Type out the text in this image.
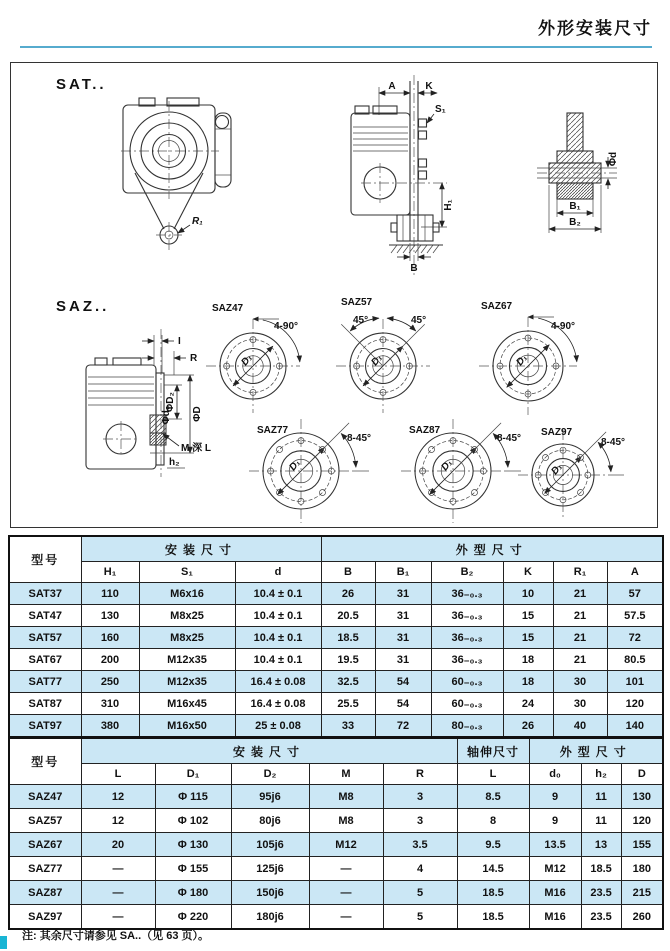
外形安装尺寸
SAT..
R₁
A	K
S₁
H₁
B
Φd
B₁
B₂
SAZ..
I
R
ΦD₂
ΦD
Φd₀
M 深 L
h₂
D₁
4-90°
SAZ47
D₁
45°
45°
SAZ57
D₁
4-90°
SAZ67
D₁
8-45°
SAZ77
D₁
8-45°
SAZ87
D₁
8-45°
SAZ97
型号	安装尺寸			外型尺寸					
	H₁	S₁	d	B	B₁	B₂	K	R₁	A
SAT37	110	M6x16	10.4 ± 0.1	26	31	36₋₀.₃	10	21	57
SAT47	130	M8x25	10.4 ± 0.1	20.5	31	36₋₀.₃	15	21	57.5
SAT57	160	M8x25	10.4 ± 0.1	18.5	31	36₋₀.₃	15	21	72
SAT67	200	M12x35	10.4 ± 0.1	19.5	31	36₋₀.₃	18	21	80.5
SAT77	250	M12x35	16.4 ± 0.08	32.5	54	60₋₀.₃	18	30	101
SAT87	310	M16x45	16.4 ± 0.08	25.5	54	60₋₀.₃	24	30	120
SAT97	380	M16x50	25 ± 0.08	33	72	80₋₀.₃	26	40	140
型号	安装尺寸					轴伸尺寸	外型尺寸		
	L	D₁	D₂	M	R	L	d₀	h₂	D
SAZ47	12	Φ 115	95j6	M8	3	8.5	9	11	130
SAZ57	12	Φ 102	80j6	M8	3	8	9	11	120
SAZ67	20	Φ 130	105j6	M12	3.5	9.5	13.5	13	155
SAZ77	—	Φ 155	125j6	—	4	14.5	M12	18.5	180
SAZ87	—	Φ 180	150j6	—	5	18.5	M16	23.5	215
SAZ97	—	Φ 220	180j6	—	5	18.5	M16	23.5	260
注: 其余尺寸请参见 SA..（见 63 页）。
